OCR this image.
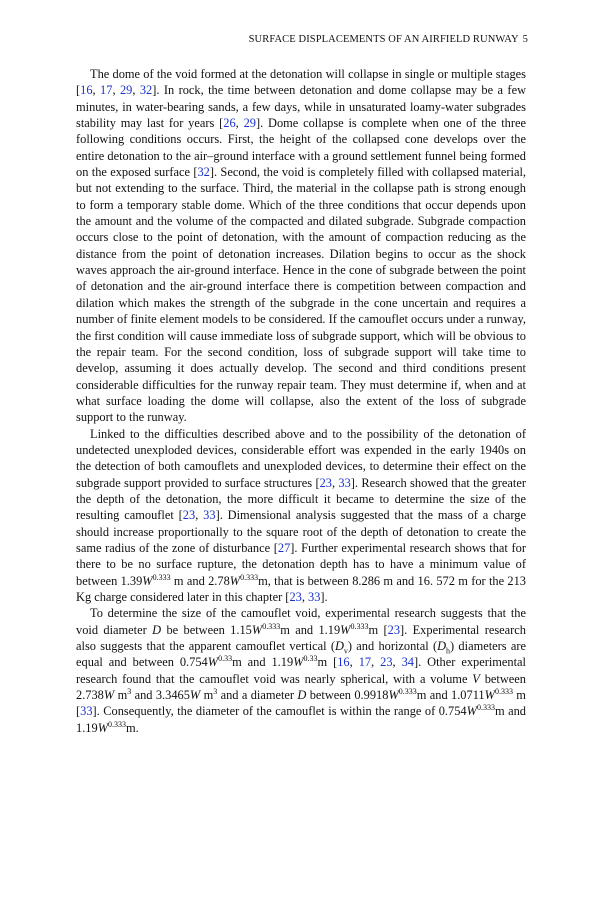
SURFACE DISPLACEMENTS OF AN AIRFIELD RUNWAY 5

The dome of the void formed at the detonation will collapse in single or multiple stages [16, 17, 29, 32]. In rock, the time between detonation and dome collapse may be a few minutes, in water-bearing sands, a few days, while in unsaturated loamy-water subgrades stability may last for years [26, 29]. Dome collapse is complete when one of the three following conditions occurs. First, the height of the collapsed cone develops over the entire detonation to the air–ground interface with a ground settlement funnel being formed on the exposed surface [32]. Second, the void is completely filled with collapsed material, but not extending to the surface. Third, the material in the collapse path is strong enough to form a temporary stable dome. Which of the three conditions that occur depends upon the amount and the volume of the compacted and dilated subgrade. Subgrade compaction occurs close to the point of detonation, with the amount of compaction reducing as the distance from the point of detonation increases. Dilation begins to occur as the shock waves approach the air-ground interface. Hence in the cone of subgrade between the point of detonation and the air-ground interface there is competition between compaction and dilation which makes the strength of the subgrade in the cone uncertain and requires a number of finite element models to be considered. If the camouflet occurs under a runway, the first condition will cause immediate loss of subgrade support, which will be obvious to the repair team. For the second condition, loss of subgrade support will take time to develop, assuming it does actually develop. The second and third conditions present considerable difficulties for the runway repair team. They must determine if, when and at what surface loading the dome will collapse, also the extent of the loss of subgrade support to the runway.

Linked to the difficulties described above and to the possibility of the detonation of undetected unexploded devices, considerable effort was expended in the early 1940s on the detection of both camouflets and unexploded devices, to determine their effect on the subgrade support provided to surface structures [23, 33]. Research showed that the greater the depth of the detonation, the more difficult it became to determine the size of the resulting camouflet [23, 33]. Dimensional analysis suggested that the mass of a charge should increase proportionally to the square root of the depth of detonation to create the same radius of the zone of disturbance [27]. Further experimental research shows that for there to be no surface rupture, the detonation depth has to have a minimum value of between $1.39W^{0.333}$ m and $2.78W^{0.333}m$, that is between 8.286 m and 16. 572 m for the 213 Kg charge considered later in this chapter [23, 33].

To determine the size of the camouflet void, experimental research suggests that the void diameter D be between $1.15W^{0.333}m$ and $1.19W^{0.333}m$ [23]. Experimental research also suggests that the apparent camouflet vertical $(D_v)$ and horizontal $(D_h)$ diameters are equal and between $0.754W^{0.33}m$ and $1.19W^{0.33}m$ [16, 17, 23, 34]. Other experimental research found that the camouflet void was nearly spherical, with a volume V between 2.738W $m^3$ and 3.3465W $m^3$ and a diameter D between $0.9918W^{0.333}m$ and $1.0711W^{0.333}$ m [33]. Consequently, the diameter of the camouflet is within the range of $0.754W^{0.333}m$ and $1.19W^{0.333}m$.
